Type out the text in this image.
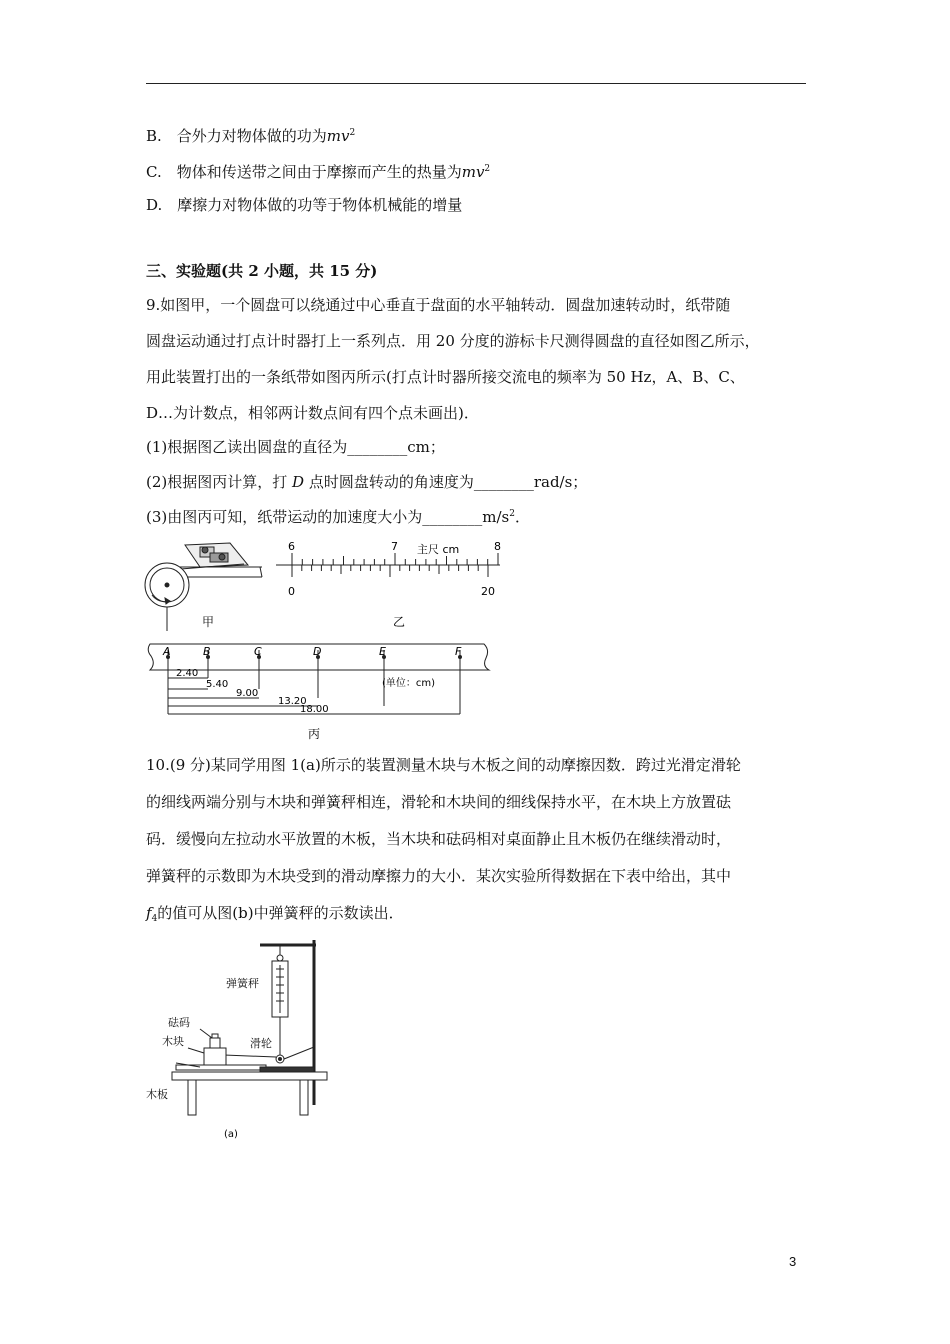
B.　合外力对物体做的功为$mv^2$
C.　物体和传送带之间由于摩擦而产生的热量为$mv^2$
D.　摩擦力对物体做的功等于物体机械能的增量
三、实验题(共 2 小题，共 15 分)
9.如图甲，一个圆盘可以绕通过中心垂直于盘面的水平轴转动．圆盘加速转动时，纸带随
圆盘运动通过打点计时器打上一系列点．用 20 分度的游标卡尺测得圆盘的直径如图乙所示，
用此装置打出的一条纸带如图丙所示(打点计时器所接交流电的频率为 50 Hz，A、B、C、
D…为计数点，相邻两计数点间有四个点未画出)．
(1)根据图乙读出圆盘的直径为________cm；
(2)根据图丙计算，打 D 点时圆盘转动的角速度为________rad/s；
(3)由图丙可知，纸带运动的加速度大小为$\_\_\_\_\_\_\_\_m/s^2$．
甲
6	7	8
主尺 cm
0	20
乙
A	B	C	D	E	F
2.40
5.40
9.00
13.20
18.00
(单位：cm)
丙
10.(9 分)某同学用图 1(a)所示的装置测量木块与木板之间的动摩擦因数．跨过光滑定滑轮
的细线两端分别与木块和弹簧秤相连，滑轮和木块间的细线保持水平，在木块上方放置砝
码．缓慢向左拉动水平放置的木板，当木块和砝码相对桌面静止且木板仍在继续滑动时，
弹簧秤的示数即为木块受到的滑动摩擦力的大小．某次实验所得数据在下表中给出，其中
$f_4$的值可从图(b)中弹簧秤的示数读出．
弹簧秤
砝码
滑轮
木块
木板
(a)
3
